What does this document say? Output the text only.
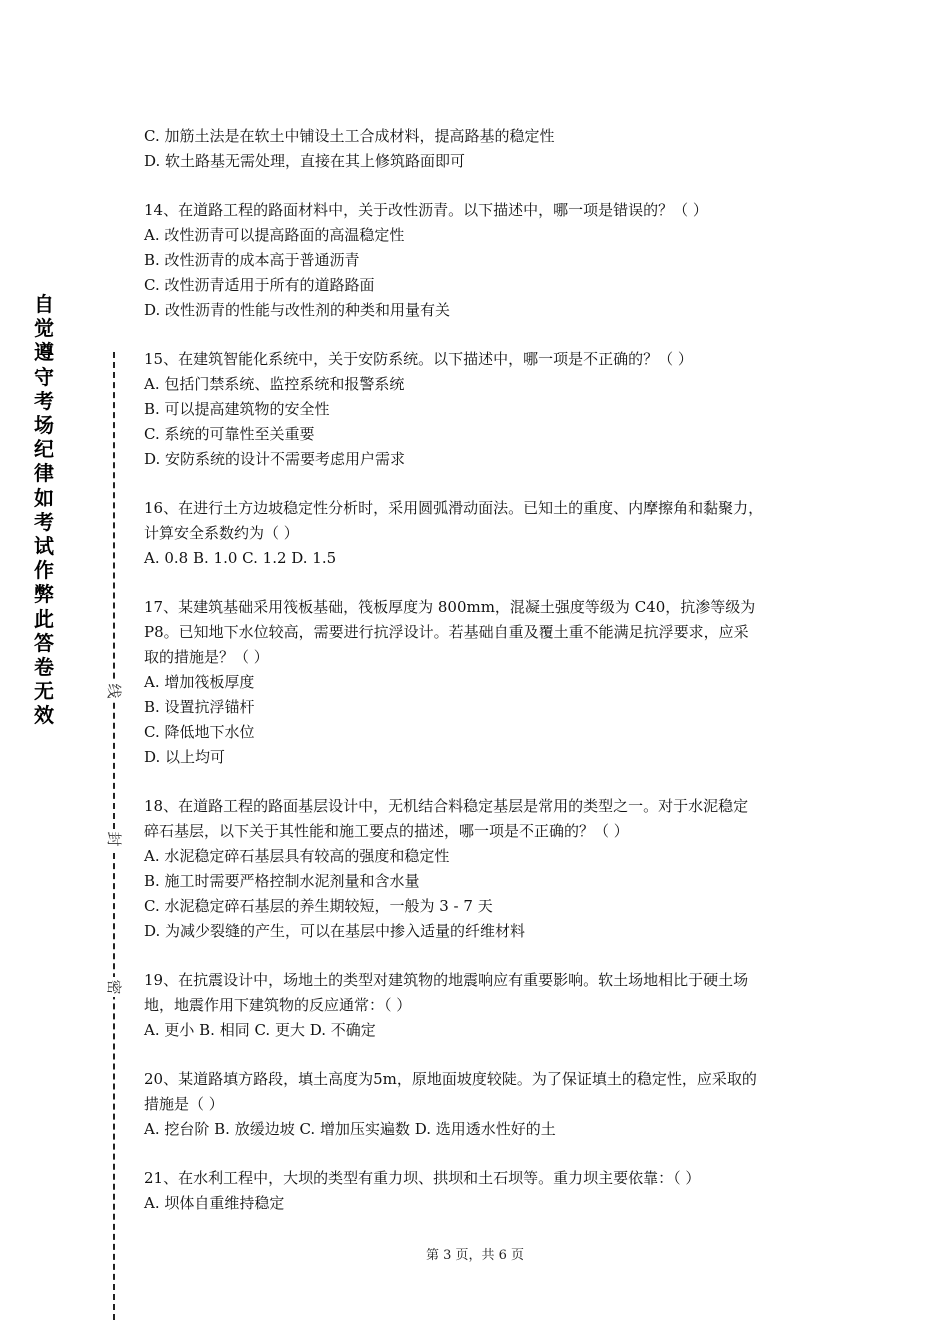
自觉遵守考场纪律如考试作弊此答卷无效
线
封
密
C. 加筋土法是在软土中铺设土工合成材料，提高路基的稳定性
D. 软土路基无需处理，直接在其上修筑路面即可
14、在道路工程的路面材料中，关于改性沥青。以下描述中，哪一项是错误的？（ ）
A. 改性沥青可以提高路面的高温稳定性
B. 改性沥青的成本高于普通沥青
C. 改性沥青适用于所有的道路路面
D. 改性沥青的性能与改性剂的种类和用量有关
15、在建筑智能化系统中，关于安防系统。以下描述中，哪一项是不正确的？（ ）
A. 包括门禁系统、监控系统和报警系统
B. 可以提高建筑物的安全性
C. 系统的可靠性至关重要
D. 安防系统的设计不需要考虑用户需求
16、在进行土方边坡稳定性分析时，采用圆弧滑动面法。已知土的重度、内摩擦角和黏聚力，
计算安全系数约为（ ）
A. 0.8 B. 1.0 C. 1.2 D. 1.5
17、某建筑基础采用筏板基础，筏板厚度为 800mm，混凝土强度等级为 C40，抗渗等级为
P8。已知地下水位较高，需要进行抗浮设计。若基础自重及覆土重不能满足抗浮要求，应采
取的措施是？（ ）
A. 增加筏板厚度
B. 设置抗浮锚杆
C. 降低地下水位
D. 以上均可
18、在道路工程的路面基层设计中，无机结合料稳定基层是常用的类型之一。对于水泥稳定
碎石基层，以下关于其性能和施工要点的描述，哪一项是不正确的？（ ）
A. 水泥稳定碎石基层具有较高的强度和稳定性
B. 施工时需要严格控制水泥剂量和含水量
C. 水泥稳定碎石基层的养生期较短，一般为 3 - 7 天
D. 为减少裂缝的产生，可以在基层中掺入适量的纤维材料
19、在抗震设计中，场地土的类型对建筑物的地震响应有重要影响。软土场地相比于硬土场
地，地震作用下建筑物的反应通常：（ ）
A. 更小 B. 相同 C. 更大 D. 不确定
20、某道路填方路段，填土高度为5m，原地面坡度较陡。为了保证填土的稳定性，应采取的
措施是（ ）
A. 挖台阶 B. 放缓边坡 C. 增加压实遍数 D. 选用透水性好的土
21、在水利工程中，大坝的类型有重力坝、拱坝和土石坝等。重力坝主要依靠：（ ）
A. 坝体自重维持稳定
第 3 页，共 6 页
